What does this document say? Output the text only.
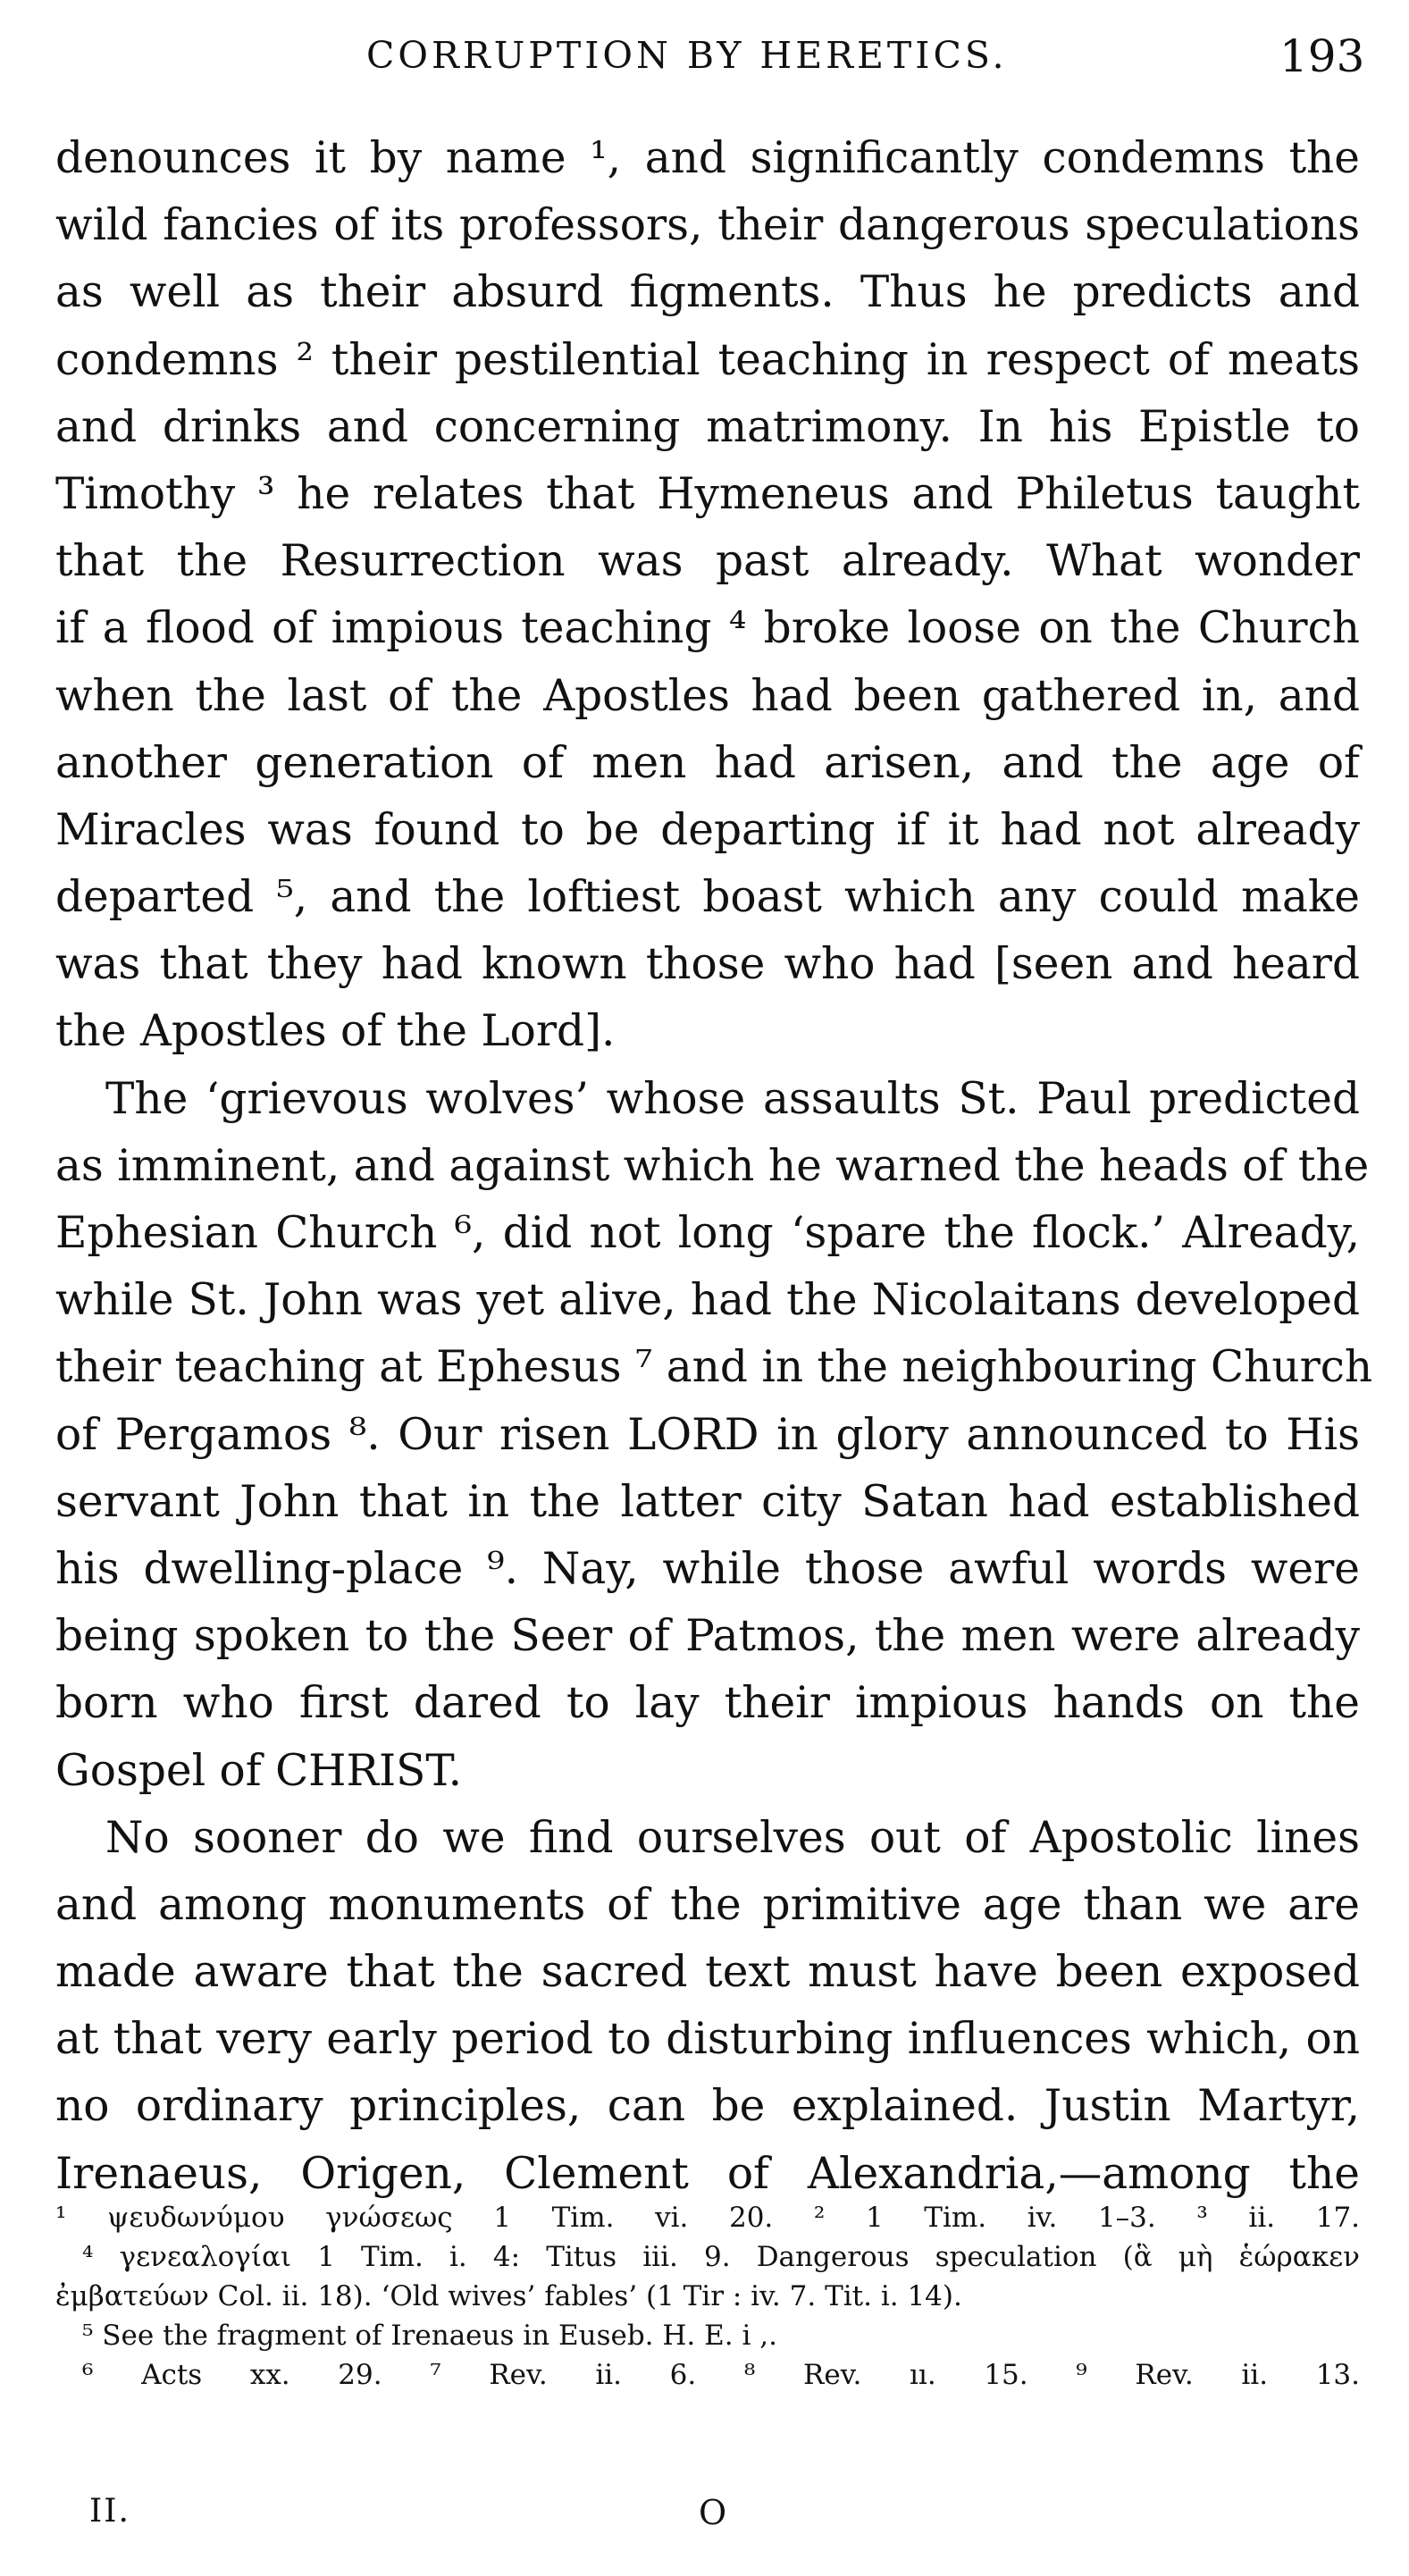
CORRUPTION BY HERETICS.	193
denounces it by name ¹, and significantly condemns the
wild fancies of its professors, their dangerous speculations
as well as their absurd figments. Thus he predicts and
condemns ² their pestilential teaching in respect of meats
and drinks and concerning matrimony. In his Epistle to
Timothy ³ he relates that Hymeneus and Philetus taught
that the Resurrection was past already. What wonder
if a flood of impious teaching ⁴ broke loose on the Church
when the last of the Apostles had been gathered in, and
another generation of men had arisen, and the age of
Miracles was found to be departing if it had not already
departed ⁵, and the loftiest boast which any could make
was that they had known those who had [seen and heard
the Apostles of the Lord].
The ‘grievous wolves’ whose assaults St. Paul predicted
as imminent, and against which he warned the heads of the
Ephesian Church ⁶, did not long ‘spare the flock.’ Already,
while St. John was yet alive, had the Nicolaitans developed
their teaching at Ephesus ⁷ and in the neighbouring Church
of Pergamos ⁸. Our risen LORD in glory announced to His
servant John that in the latter city Satan had established
his dwelling-place ⁹. Nay, while those awful words were
being spoken to the Seer of Patmos, the men were already
born who first dared to lay their impious hands on the
Gospel of CHRIST.
No sooner do we find ourselves out of Apostolic lines
and among monuments of the primitive age than we are
made aware that the sacred text must have been exposed
at that very early period to disturbing influences which, on
no ordinary principles, can be explained. Justin Martyr,
Irenaeus, Origen, Clement of Alexandria,—among the
¹ ψευδωνύμου γνώσεως 1 Tim. vi. 20. ² 1 Tim. iv. 1–3. ³ ii. 17.
⁴ γενεαλογίαι 1 Tim. i. 4: Titus iii. 9. Dangerous speculation (ἃ μὴ ἑώρακεν
ἐμβατεύων Col. ii. 18). ‘Old wives’ fables’ (1 Tir : iv. 7. Tit. i. 14).
⁵ See the fragment of Irenaeus in Euseb. H. E. i ,.
⁶ Acts xx. 29. ⁷ Rev. ii. 6. ⁸ Rev. ıı. 15. ⁹ Rev. ii. 13.
II.	O
